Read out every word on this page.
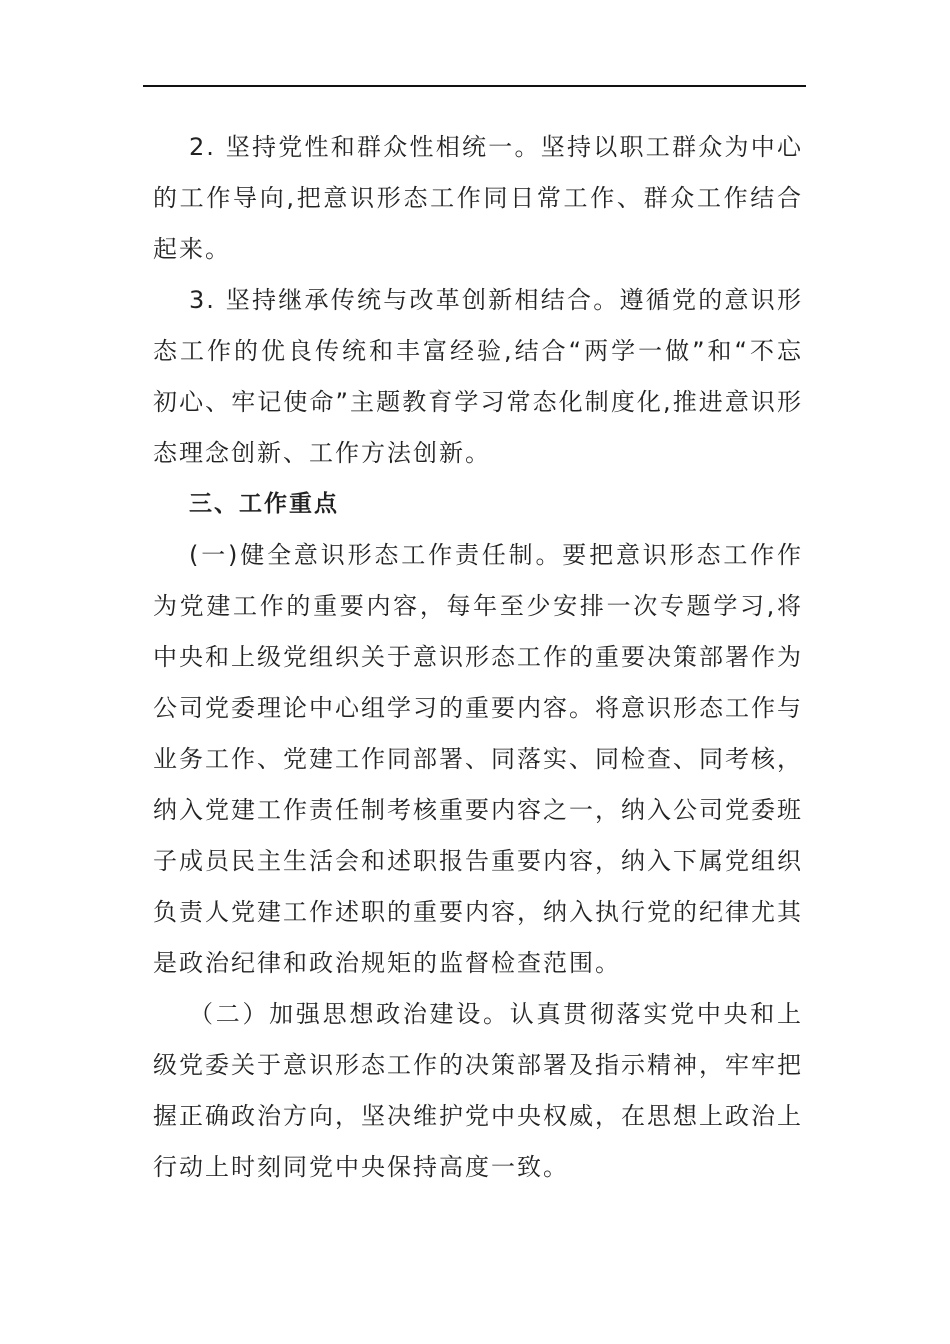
2. 坚持党性和群众性相统一。坚持以职工群众为中心的工作导向,把意识形态工作同日常工作、群众工作结合起来。

3. 坚持继承传统与改革创新相结合。遵循党的意识形态工作的优良传统和丰富经验,结合“两学一做”和“不忘初心、牢记使命”主题教育学习常态化制度化,推进意识形态理念创新、工作方法创新。

三、工作重点

(一)健全意识形态工作责任制。要把意识形态工作作为党建工作的重要内容，每年至少安排一次专题学习,将中央和上级党组织关于意识形态工作的重要决策部署作为公司党委理论中心组学习的重要内容。将意识形态工作与业务工作、党建工作同部署、同落实、同检查、同考核，纳入党建工作责任制考核重要内容之一，纳入公司党委班子成员民主生活会和述职报告重要内容，纳入下属党组织负责人党建工作述职的重要内容，纳入执行党的纪律尤其是政治纪律和政治规矩的监督检查范围。

（二）加强思想政治建设。认真贯彻落实党中央和上级党委关于意识形态工作的决策部署及指示精神，牢牢把握正确政治方向，坚决维护党中央权威，在思想上政治上行动上时刻同党中央保持高度一致。
